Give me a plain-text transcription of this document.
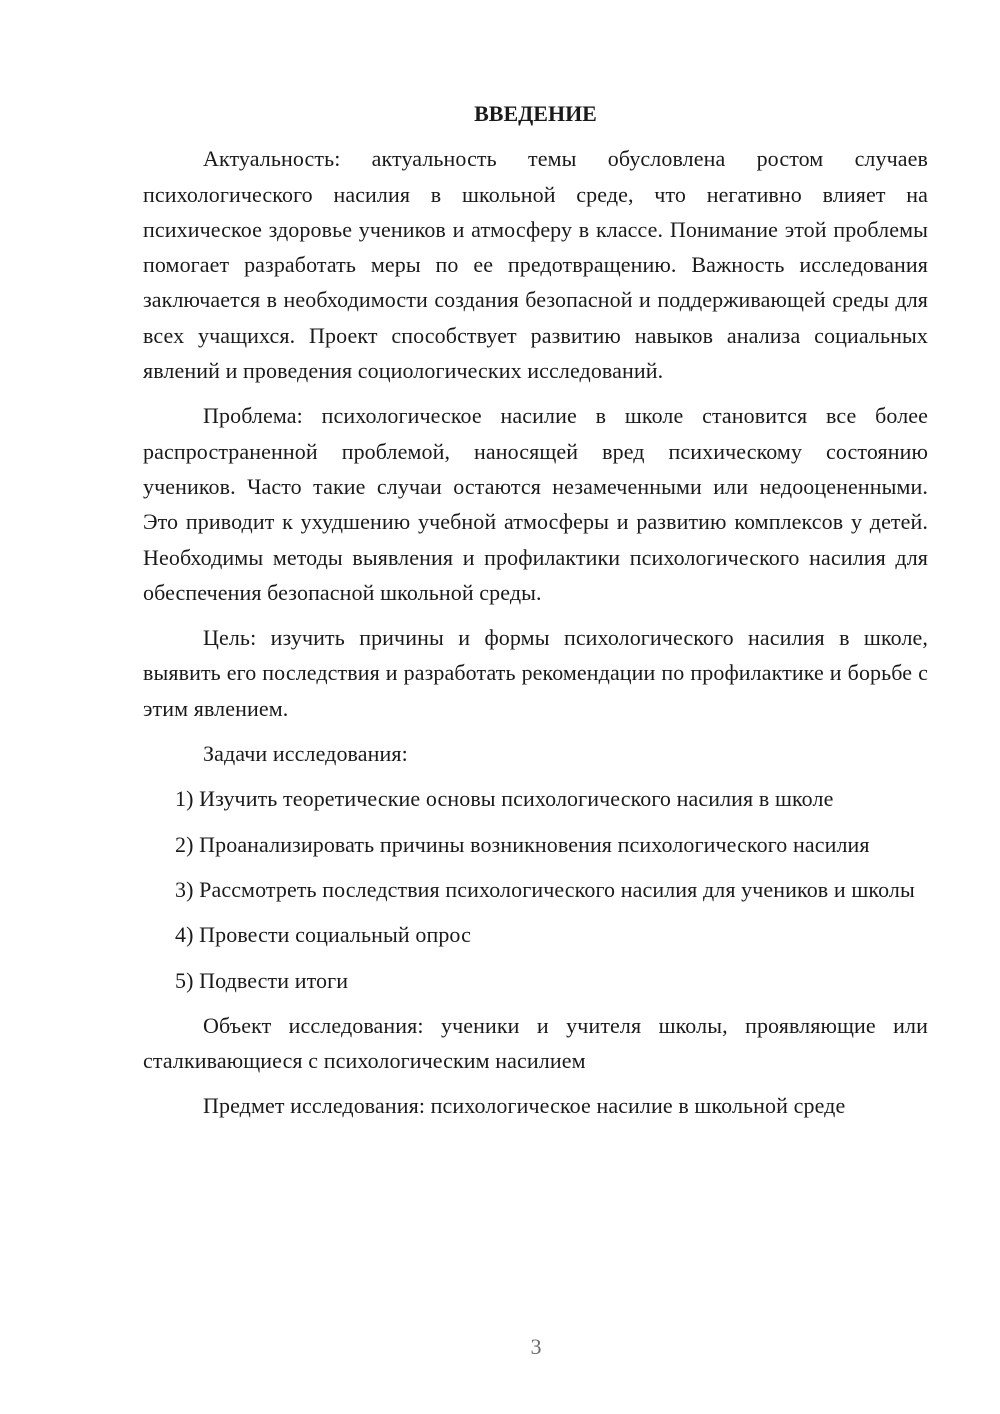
ВВЕДЕНИЕ

Актуальность: актуальность темы обусловлена ростом случаев психологического насилия в школьной среде, что негативно влияет на психическое здоровье учеников и атмосферу в классе. Понимание этой проблемы помогает разработать меры по ее предотвращению. Важность исследования заключается в необходимости создания безопасной и поддерживающей среды для всех учащихся. Проект способствует развитию навыков анализа социальных явлений и проведения социологических исследований.

Проблема: психологическое насилие в школе становится все более распространенной проблемой, наносящей вред психическому состоянию учеников. Часто такие случаи остаются незамеченными или недооцененными. Это приводит к ухудшению учебной атмосферы и развитию комплексов у детей. Необходимы методы выявления и профилактики психологического насилия для обеспечения безопасной школьной среды.

Цель: изучить причины и формы психологического насилия в школе, выявить его последствия и разработать рекомендации по профилактике и борьбе с этим явлением.

Задачи исследования:

1) Изучить теоретические основы психологического насилия в школе

2) Проанализировать причины возникновения психологического насилия

3) Рассмотреть последствия психологического насилия для учеников и школы

4) Провести социальный опрос

5) Подвести итоги

Объект исследования: ученики и учителя школы, проявляющие или сталкивающиеся с психологическим насилием

Предмет исследования: психологическое насилие в школьной среде

3
